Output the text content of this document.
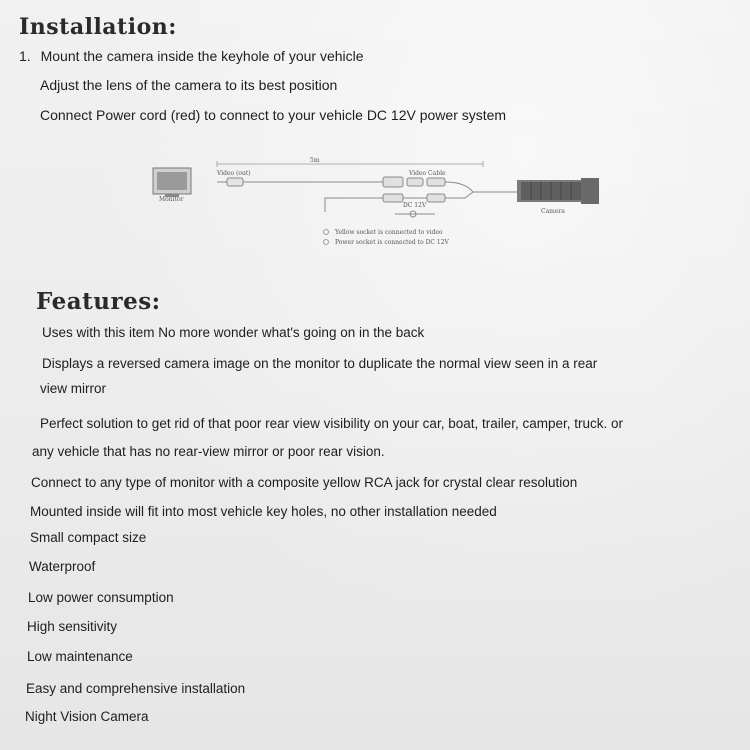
Installation:

1. Mount the camera inside the keyhole of your vehicle

Adjust the lens of the camera to its best position

Connect Power cord (red) to connect to your vehicle DC 12V power system

Monitor
Video (out)
5m
Video Cable
DC 12V
Camera
Yellow socket is connected to video
Power socket is connected to DC 12V
Features:

Uses with this item No more wonder what's going on in the back

Displays a reversed camera image on the monitor to duplicate the normal view seen in a rear

view mirror

Perfect solution to get rid of that poor rear view visibility on your car, boat, trailer, camper, truck. or

any vehicle that has no rear-view mirror or poor rear vision.

Connect to any type of monitor with a composite yellow RCA jack for crystal clear resolution

Mounted inside will fit into most vehicle key holes, no other installation needed

Small compact size

Waterproof

Low power consumption

High sensitivity

Low maintenance

Easy and comprehensive installation

Night Vision Camera
